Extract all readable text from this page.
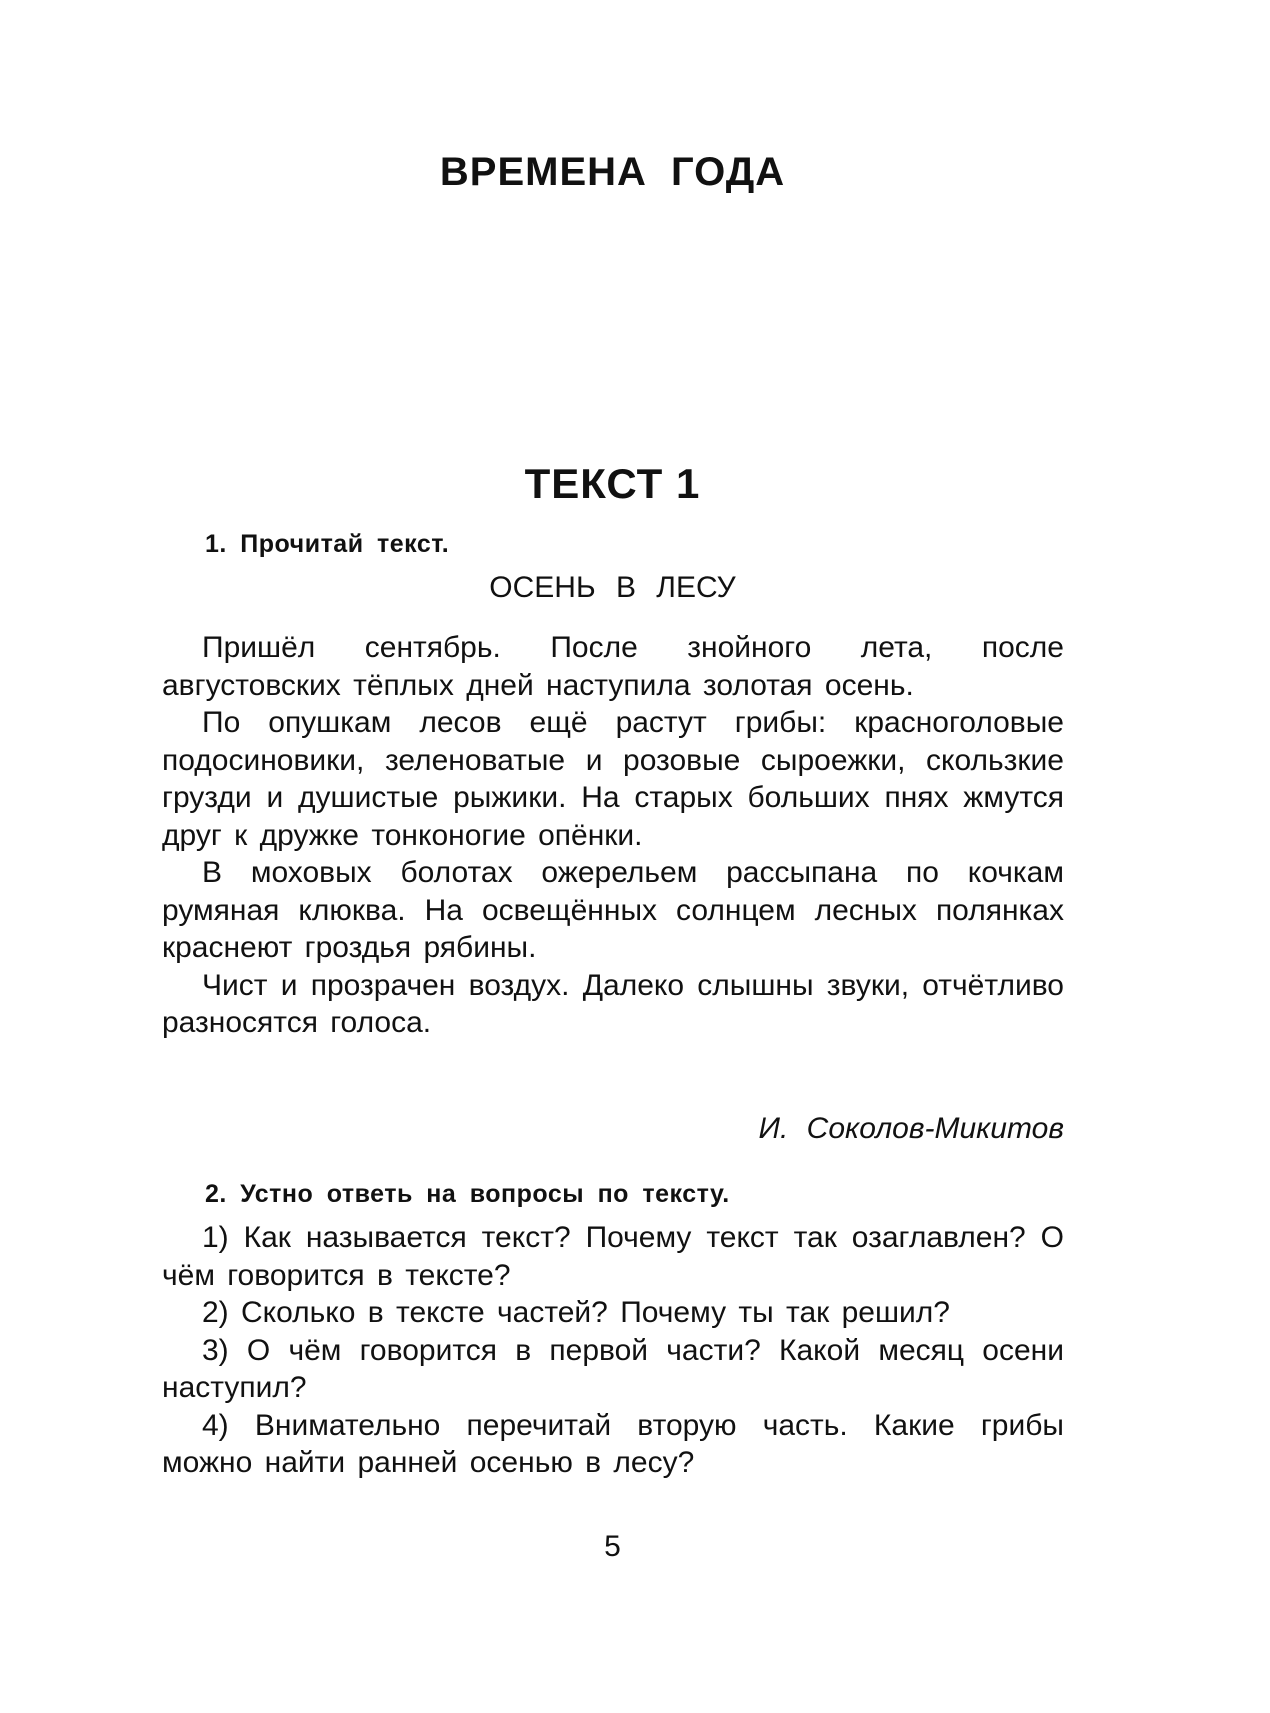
ВРЕМЕНА ГОДА
ТЕКСТ 1
1. Прочитай текст.
ОСЕНЬ В ЛЕСУ

Пришёл сентябрь. После знойного лета, после августовских тёплых дней наступила золотая осень.

По опушкам лесов ещё растут грибы: красноголовые подосиновики, зеленоватые и розовые сыроежки, скользкие грузди и душистые рыжики. На старых больших пнях жмутся друг к дружке тонконогие опёнки.

В моховых болотах ожерельем рассыпана по кочкам румяная клюква. На освещённых солнцем лесных полянках краснеют гроздья рябины.

Чист и прозрачен воздух. Далеко слышны звуки, отчётливо разносятся голоса.

И. Соколов-Микитов
2. Устно ответь на вопросы по тексту.

1) Как называется текст? Почему текст так озаглавлен? О чём говорится в тексте?

2) Сколько в тексте частей? Почему ты так решил?

3) О чём говорится в первой части? Какой месяц осени наступил?

4) Внимательно перечитай вторую часть. Какие грибы можно найти ранней осенью в лесу?

5
